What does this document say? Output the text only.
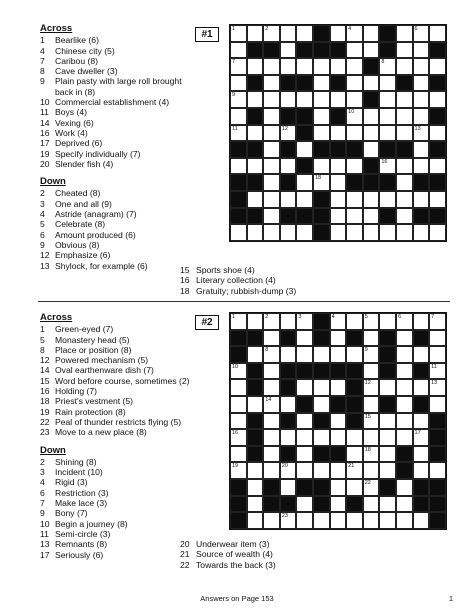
Across
1	Bearlike (6)
4	Chinese city (5)
7	Caribou (8)
8	Cave dweller (3)
9	Plain pasty with large roll brought back in (8)
10 Commercial establishment (4)
11 Boys (4)
14 Vexing (6)
16 Work (4)
17 Deprived (6)
19 Specify individually (7)
20 Slender fish (4)
Down
2	Cheated (8)
3	One and all (9)
4	Astride (anagram) (7)
5	Celebrate (8)
6	Amount produced (6)
9	Obvious (8)
12 Emphasize (6)
13 Shylock, for example (6)	15 Sports shoe (4)
16 Literary collection (4)
18 Gratuity; rubbish-dump (3)
#1	1	2	3	4	5	6
7	8
9
10
11	12	13
14	15
16
17	18
19
20
Across
1	Green-eyed (7)
5	Monastery head (5)
8	Place or position (8)
12 Powered mechanism (5)
14 Oval earthenware dish (7)
15 Word before course, sometimes (2)
16 Holding (7)
18 Priest's vestment (5)
19 Rain protection (8)
22 Peal of thunder restricts flying (5)
23 Move to a new place (8)
Down
2	Shining (8)
3	Incident (10)
4	Rigid (3)
6	Restriction (3)
7	Make lace (3)
9	Bony (7)
10 Begin a journey (8)
11 Semi-circle (3)
13 Remnants (8)
17 Seriously (6)
20 Underwear item (3)
21 Source of wealth (4)
22 Towards the back (3)
#2	1	2	3	4	5	6	7
8	9
10	11
12	13
14
15
16	17
18
19	20	21
22
23
Answers on Page 153	1
